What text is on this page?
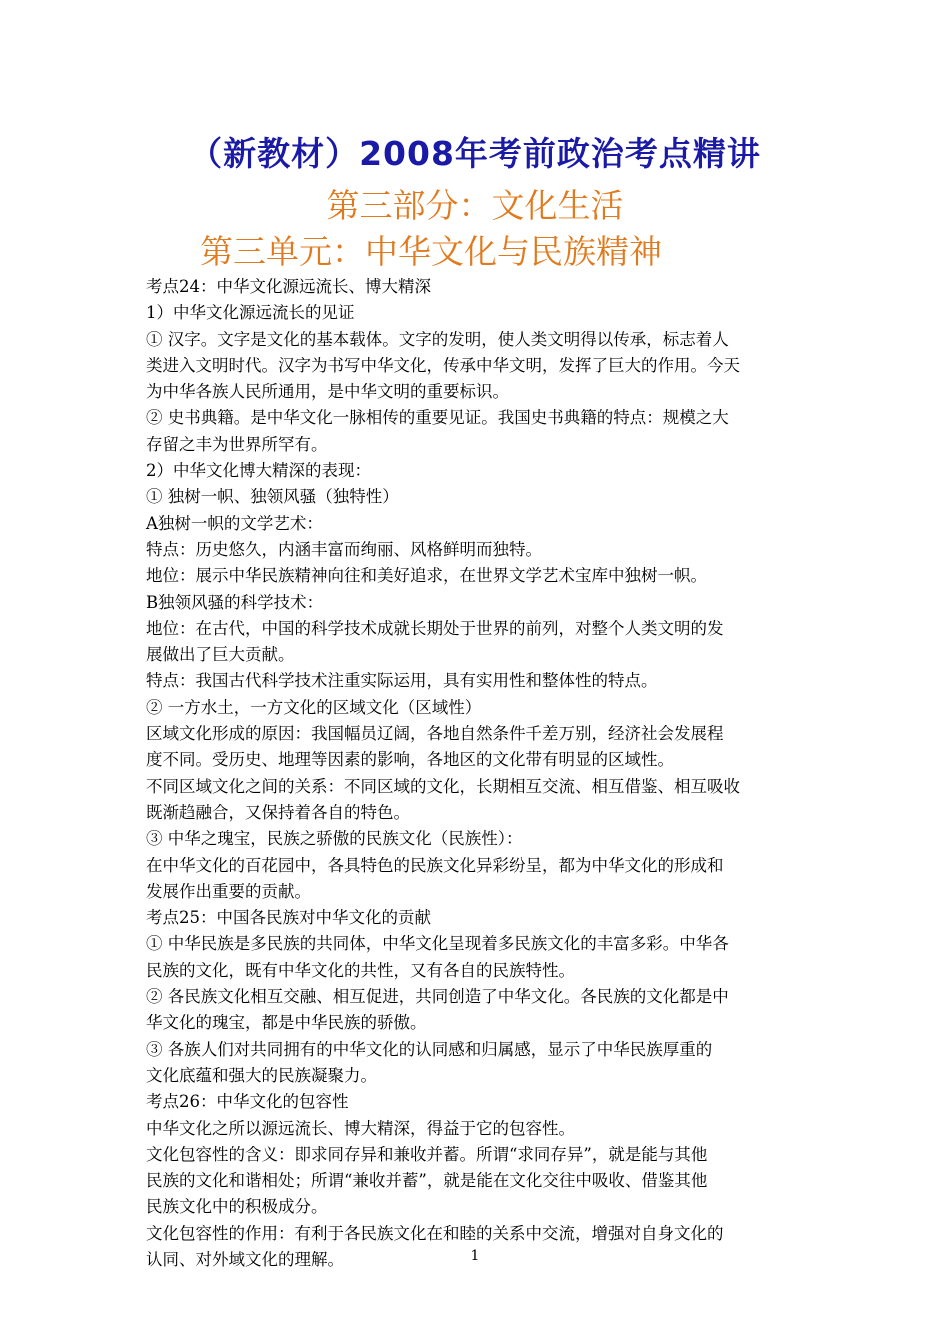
（新教材）2008年考前政治考点精讲
第三部分：文化生活
第三单元：中华文化与民族精神
考点24：中华文化源远流长、博大精深
1）中华文化源远流长的见证
① 汉字。文字是文化的基本载体。文字的发明，使人类文明得以传承，标志着人
类进入文明时代。汉字为书写中华文化，传承中华文明，发挥了巨大的作用。今天
为中华各族人民所通用，是中华文明的重要标识。
② 史书典籍。是中华文化一脉相传的重要见证。我国史书典籍的特点：规模之大
存留之丰为世界所罕有。
2）中华文化博大精深的表现：
① 独树一帜、独领风骚（独特性）
A独树一帜的文学艺术：
特点：历史悠久，内涵丰富而绚丽、风格鲜明而独特。
地位：展示中华民族精神向往和美好追求，在世界文学艺术宝库中独树一帜。
B独领风骚的科学技术：
地位：在古代，中国的科学技术成就长期处于世界的前列，对整个人类文明的发
展做出了巨大贡献。
特点：我国古代科学技术注重实际运用，具有实用性和整体性的特点。
② 一方水土，一方文化的区域文化（区域性）
区域文化形成的原因：我国幅员辽阔，各地自然条件千差万别，经济社会发展程
度不同。受历史、地理等因素的影响，各地区的文化带有明显的区域性。
不同区域文化之间的关系：不同区域的文化，长期相互交流、相互借鉴、相互吸收
既渐趋融合，又保持着各自的特色。
③ 中华之瑰宝，民族之骄傲的民族文化（民族性）：
在中华文化的百花园中，各具特色的民族文化异彩纷呈，都为中华文化的形成和
发展作出重要的贡献。
考点25：中国各民族对中华文化的贡献
① 中华民族是多民族的共同体，中华文化呈现着多民族文化的丰富多彩。中华各
民族的文化，既有中华文化的共性，又有各自的民族特性。
② 各民族文化相互交融、相互促进，共同创造了中华文化。各民族的文化都是中
华文化的瑰宝，都是中华民族的骄傲。
③ 各族人们对共同拥有的中华文化的认同感和归属感，显示了中华民族厚重的
文化底蕴和强大的民族凝聚力。
考点26：中华文化的包容性
中华文化之所以源远流长、博大精深，得益于它的包容性。
文化包容性的含义：即求同存异和兼收并蓄。所谓“求同存异”，就是能与其他
民族的文化和谐相处；所谓“兼收并蓄”，就是能在文化交往中吸收、借鉴其他
民族文化中的积极成分。
文化包容性的作用：有利于各民族文化在和睦的关系中交流，增强对自身文化的
认同、对外域文化的理解。	1
